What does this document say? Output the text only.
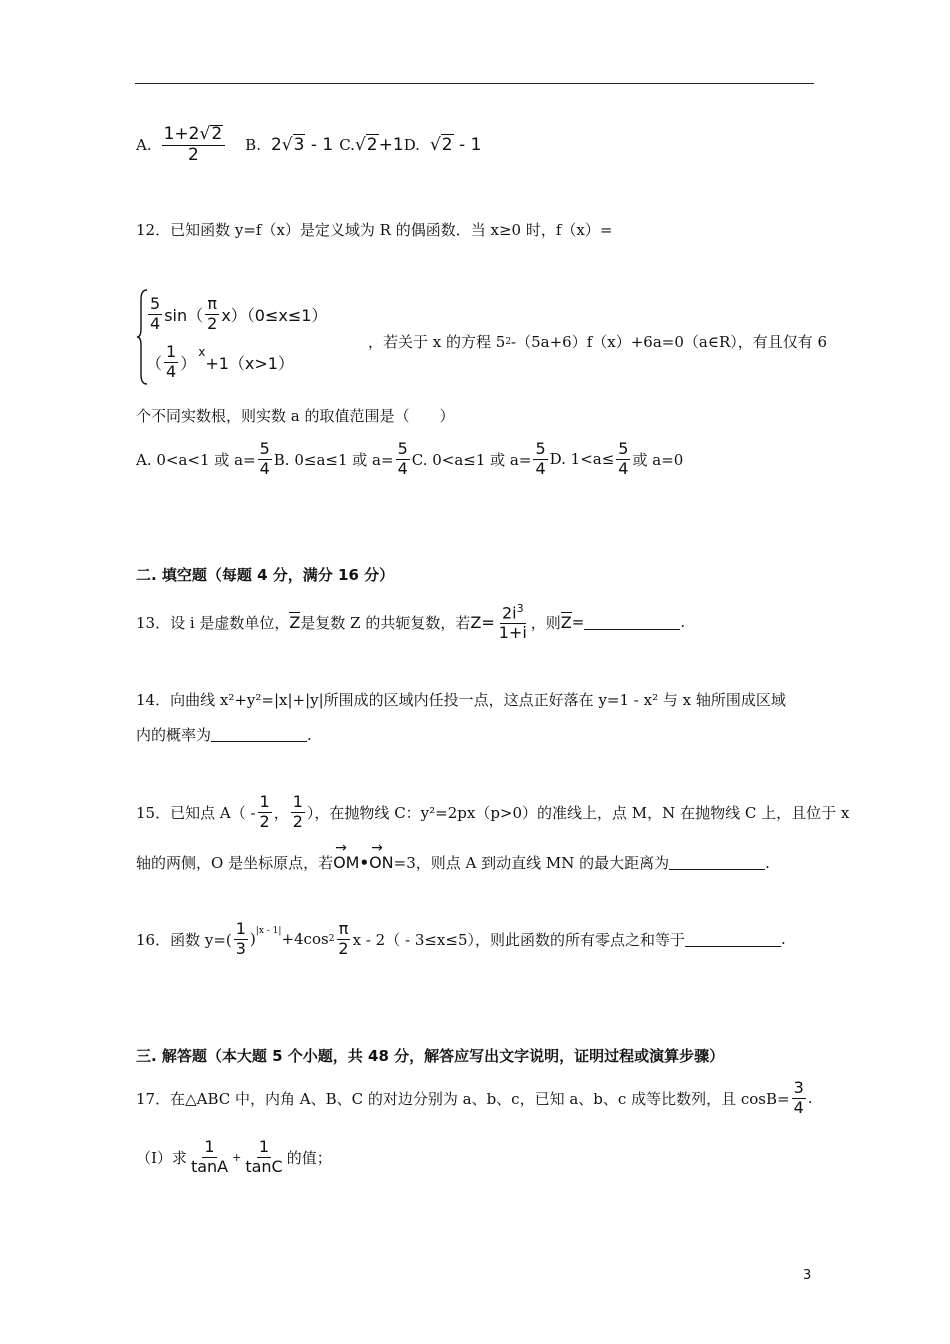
A. $\frac{1+2 √ 2}{2} B$. 2 √ 3 - 1 C. √ 2 +1 D. √ 2 - 1
12．已知函数 y=f（x）是定义域为 R 的偶函数．当 x≥0 时，f（x）=
$\frac{5}{4} \sin( \frac{\pi}{2} x)(0\le x\le 1)$
（ $\frac{1}{4}$ ）
x
+1（x>1）
，若关于 x 的方程 5 2 -（5a+6）f（x）+6a=0（a∈R），有且仅有 6
个不同实数根，则实数 a 的取值范围是（　　）
A. 0<a<1 或 $a= \frac{5}{4} B$. 0≤a≤1 或 $a= \frac{5}{4} C$. 0<a≤1 或 $a= \frac{5}{4} D$. $1<a\le \frac{5}{4}$ 或 a=0
二. 填空题（每题 4 分，满分 16 分）
13．设 i 是虚数单位， Z 是复数 Z 的共轭复数，若 $Z= \frac{2i^3}{1+i}$ ，则 Z =	.
14．向曲线 x²+y²=|x|+|y|所围成的区域内任投一点，这点正好落在 y=1 - x² 与 x 轴所围成区域
内的概率为	.
15．已知点 $A( - \frac{1}{2}$ ， $\frac{1}{2}$ ），在抛物线 C：y²=2px（p>0）的准线上，点 M，N 在抛物线 C 上，且位于 x
轴的两侧，O 是坐标原点，若 → OM • → ON =3，则点 A 到动直线 MN 的最大距离为	.
16．函数 $y=( \frac{1}{3}$ ) |x - 1| +4cos $2 \frac{\pi}{2}$ x - 2（ - 3≤x≤5），则此函数的所有零点之和等于	.
三. 解答题（本大题 5 个小题，共 48 分，解答应写出文字说明，证明过程或演算步骤）
17．在△ABC 中，内角 A、B、C 的对边分别为 a、b、c，已知 a、b、c 成等比数列，且 $\cos B= \frac{3}{4}$ .
（Ⅰ）求 $\frac{1}{\tan A} + \frac{1}{\tan C}$ 的值；
3
